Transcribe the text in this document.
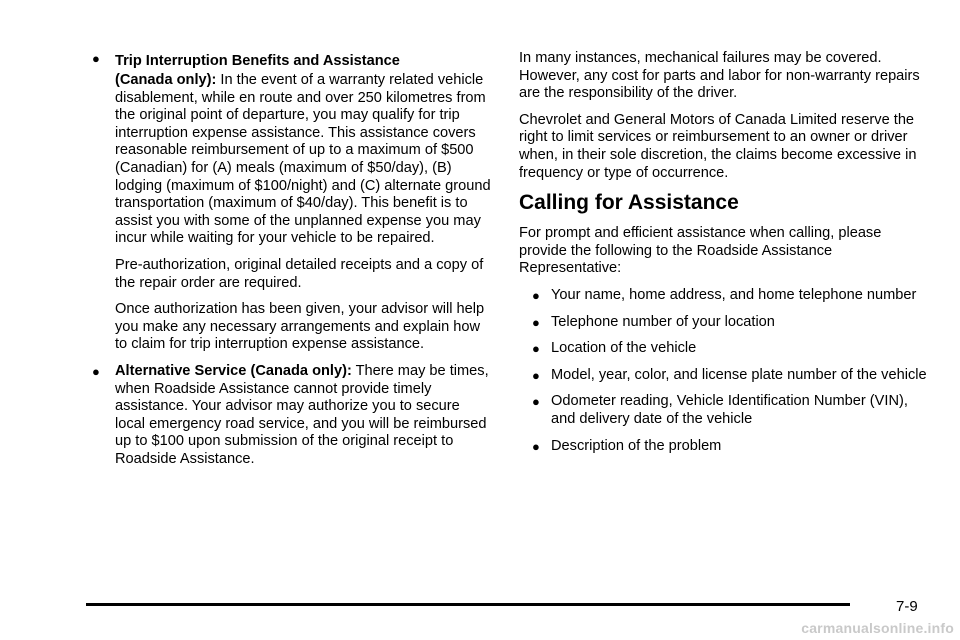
● Trip Interruption Benefits and Assistance
(Canada only): In the event of a warranty related vehicle disablement, while en route and over 250 kilometres from the original point of departure, you may qualify for trip interruption expense assistance. This assistance covers reasonable reimbursement of up to a maximum of $500 (Canadian) for (A) meals (maximum of $50/day), (B) lodging (maximum of $100/night) and (C) alternate ground transportation (maximum of $40/day). This benefit is to assist you with some of the unplanned expense you may incur while waiting for your vehicle to be repaired.
Pre-authorization, original detailed receipts and a copy of the repair order are required.
Once authorization has been given, your advisor will help you make any necessary arrangements and explain how to claim for trip interruption expense assistance.
● Alternative Service (Canada only): There may be times, when Roadside Assistance cannot provide timely assistance. Your advisor may authorize you to secure local emergency road service, and you will be reimbursed up to $100 upon submission of the original receipt to Roadside Assistance.
In many instances, mechanical failures may be covered. However, any cost for parts and labor for non-warranty repairs are the responsibility of the driver.
Chevrolet and General Motors of Canada Limited reserve the right to limit services or reimbursement to an owner or driver when, in their sole discretion, the claims become excessive in frequency or type of occurrence.
Calling for Assistance
For prompt and efficient assistance when calling, please provide the following to the Roadside Assistance Representative:
● Your name, home address, and home telephone number
● Telephone number of your location
● Location of the vehicle
● Model, year, color, and license plate number of the vehicle
● Odometer reading, Vehicle Identification Number (VIN), and delivery date of the vehicle
● Description of the problem
7-9
carmanualsonline.info
